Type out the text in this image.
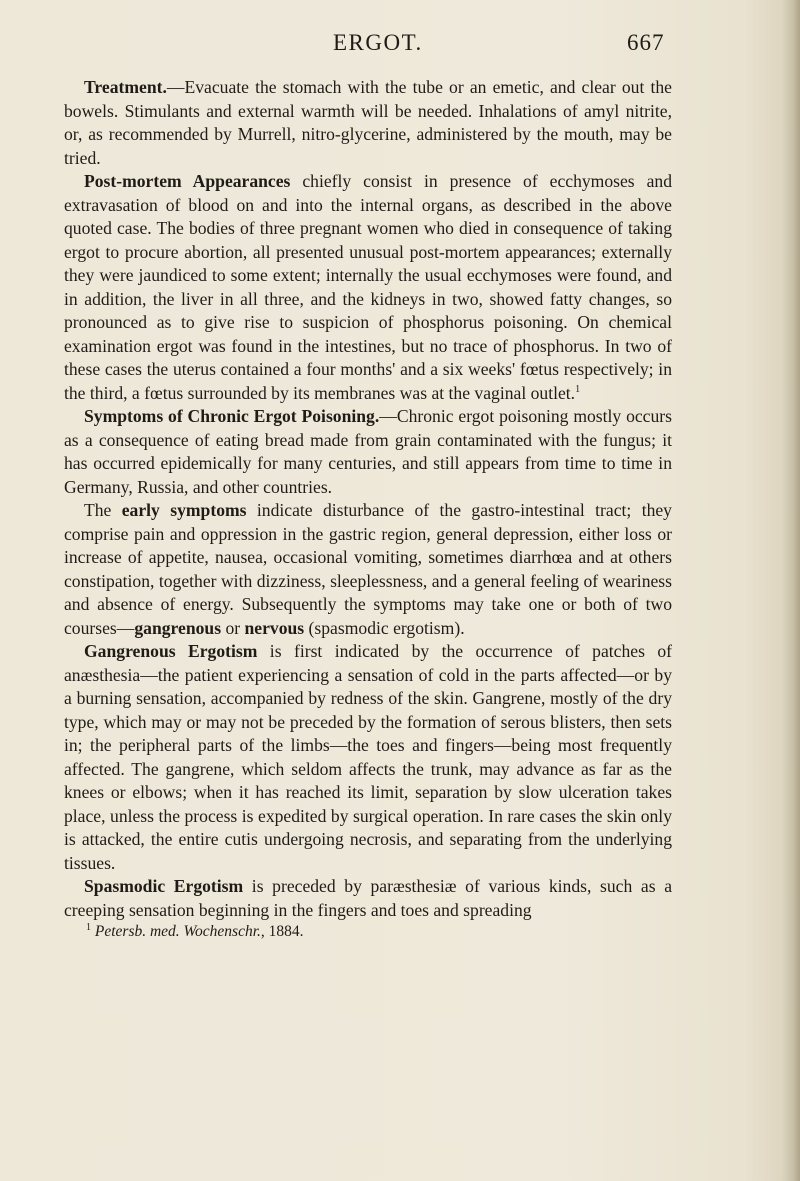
ERGOT.	667

Treatment.—Evacuate the stomach with the tube or an emetic, and clear out the bowels. Stimulants and external warmth will be needed. Inhalations of amyl nitrite, or, as recommended by Murrell, nitro-glycerine, administered by the mouth, may be tried.

Post-mortem Appearances chiefly consist in presence of ecchymoses and extravasation of blood on and into the internal organs, as described in the above quoted case. The bodies of three pregnant women who died in consequence of taking ergot to procure abortion, all presented unusual post-mortem appearances; externally they were jaundiced to some extent; internally the usual ecchymoses were found, and in addition, the liver in all three, and the kidneys in two, showed fatty changes, so pronounced as to give rise to suspicion of phosphorus poisoning. On chemical examination ergot was found in the intestines, but no trace of phosphorus. In two of these cases the uterus contained a four months' and a six weeks' fœtus respectively; in the third, a fœtus surrounded by its membranes was at the vaginal outlet.$^1$

Symptoms of Chronic Ergot Poisoning.—Chronic ergot poisoning mostly occurs as a consequence of eating bread made from grain contaminated with the fungus; it has occurred epidemically for many centuries, and still appears from time to time in Germany, Russia, and other countries.

The early symptoms indicate disturbance of the gastro-intestinal tract; they comprise pain and oppression in the gastric region, general depression, either loss or increase of appetite, nausea, occasional vomiting, sometimes diarrhœa and at others constipation, together with dizziness, sleeplessness, and a general feeling of weariness and absence of energy. Subsequently the symptoms may take one or both of two courses—gangrenous or nervous (spasmodic ergotism).

Gangrenous Ergotism is first indicated by the occurrence of patches of anæsthesia—the patient experiencing a sensation of cold in the parts affected—or by a burning sensation, accompanied by redness of the skin. Gangrene, mostly of the dry type, which may or may not be preceded by the formation of serous blisters, then sets in; the peripheral parts of the limbs—the toes and fingers—being most frequently affected. The gangrene, which seldom affects the trunk, may advance as far as the knees or elbows; when it has reached its limit, separation by slow ulceration takes place, unless the process is expedited by surgical operation. In rare cases the skin only is attacked, the entire cutis undergoing necrosis, and separating from the underlying tissues.

Spasmodic Ergotism is preceded by paræsthesiæ of various kinds, such as a creeping sensation beginning in the fingers and toes and spreading

$^1$ Petersb. med. Wochenschr., 1884.
